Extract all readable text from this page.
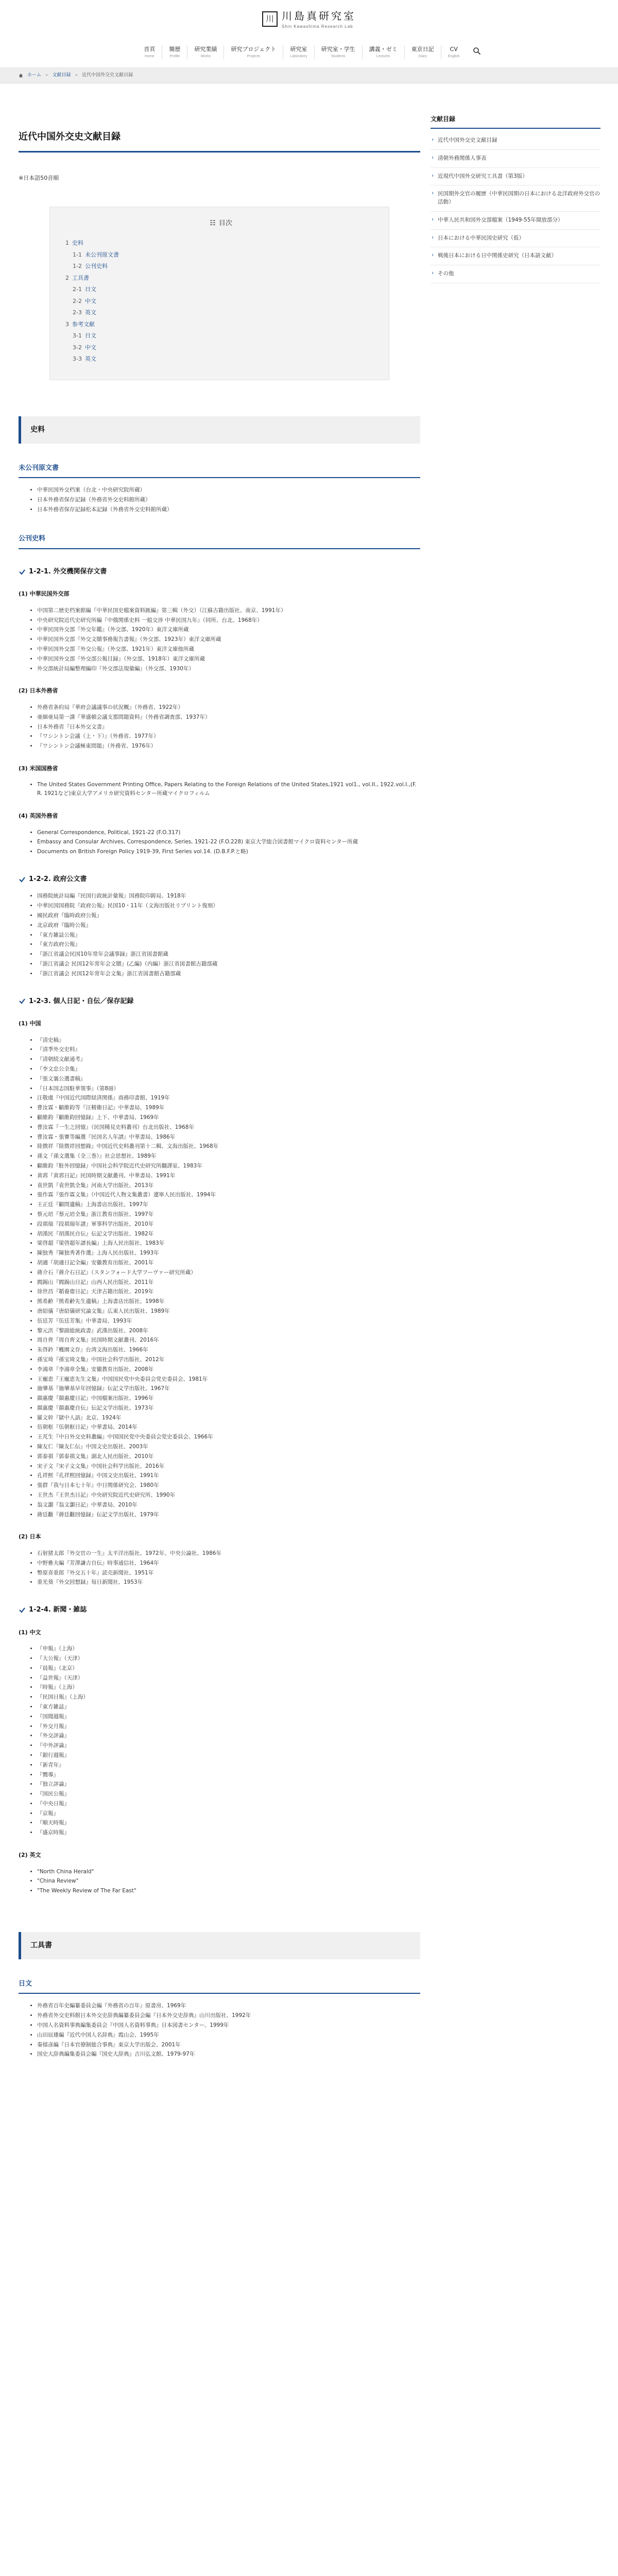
川 川島真研究室
Shin Kawashima Research Lab
首頁
Home
簡歴
Profile
研究業績
Works
研究プロジェクト
Projects
研究室
Laboratory
研究室・学生
Students
講義・ゼミ
Lectures
東京日記
Diary
CV
English
ホーム » 文献目録 » 近代中国外交史文献目録
近代中国外交史文献目録

※日本語50音順

☷ 目次
1 史料
1-1 未公刊原文書
1-2 公刊史料
2 工具書
2-1 日文
2-2 中文
2-3 英文
3 参考文献
3-1 日文
3-2 中文
3-3 英文
史料
未公刊原文書
• 中華民国外交档案（台北・中央研究院所蔵）
• 日本外務省保存記録（外務省外交史料館所蔵）
• 日本外務省保存記録松本記録（外務省外交史料館所蔵）
公刊史料
1-2-1. 外交機関保存文書
(1) 中華民国外交部
• 中国第二歴史档案館編『中華民国史檔案資料匯編』第三輯（外交）（江蘇古籍出版社、南京、1991年）
• 中央研究院近代史研究所編『中俄関係史料 一般交涉 中華民国九年』（同所、台北、1968年）
• 中華民国外交部『外交年鑑』（外交部、1920年）東洋文庫所蔵
• 中華民国外交部『外交文牘事務報告書報』（外交部、1923年）東洋文庫所蔵
• 中華民国外交部『外交公報』（外交部、1921年）東洋文庫他所蔵
• 中華民国外交部『外交部公報目録』（外交部、1918年）東洋文庫所蔵
• 外交部統計局編整理編印『外交部法規彙編』（外交部、1930年）
(2) 日本外務省
• 外務省条約局『華府会議議事の状況概』（外務省、1922年）
• 亜細亜局第一課『華盛頓会議支那問題資料』（外務省調査部、1937年）
• 日本外務省『日本外交文書』
• 『ワシントン会議（上・下）』（外務省、1977年）
• 『ワシントン会議極東問題』（外務省、1976年）
(3) 米国国務省
• The United States Government Printing Office, Papers Relating to the Foreign Relations of the United States,1921 vol1., vol.II., 1922.vol.I.,(F. R. 1921など)東京大学アメリカ研究資料センター所蔵マイクロフィルム
(4) 英国外務省
• General Correspondence, Political, 1921-22 (F.O.317)
• Embassy and Consular Archives, Correspondence, Series, 1921-22 (F.O.228) 東京大学総合図書館マイクロ資料センター所蔵
• Documents on British Foreign Policy 1919-39, First Series vol.14. (D.B.F.P.と略)
1-2-2. 政府公文書
• 国務院統計局編『民国行政統計彙報』国務院印鋳局、1918年
• 中華民国国務院『政府公報』民国10・11年（文海出版社リプリント復刻）
• 國民政府『臨時政府公報』
• 北京政府『臨時公報』
• 『東方雑誌公報』
• 『東方政府公報』
• 『浙江省議会民国10年常年会議事録』浙江省図書館蔵
• 『浙江省議会 民国12年常年会文牘』(乙編)（内編）浙江省図書館古籍部蔵
• 『浙江省議会 民国12年常年会文集』浙江省図書館古籍部蔵
1-2-3. 個人日記・自伝／保存記録
(1) 中国
• 『清史稿』
• 『清季外交史料』
• 『清朝続文献通考』
• 『李文忠公全集』
• 『張文襄公選書稿』
• 『日本国志国駐華領事』（第8冊）
• 汪敬虞『中国近代国際経済関係』商務印書館、1919年
• 曹汝霖・顧維鈞等『汪精衛日記』中華書局、1989年
• 顧維鈞『顧維鈞回憶録』上下、中華書局、1969年
• 曹汝霖『一生之回憶』（民国稀見史料叢刊）台北出版社、1968年
• 曹汝霖・張謇等編選『民国名人年譜』中華書局、1986年
• 陸徴祥『陸徴祥回想錄』中国近代史料叢刊第十二輯、文海出版社、1968年
• 孫文『孫文選集（全三巻）』社会思想社、1989年
• 顧維鈞『駐外回憶録』中国社会科学院近代史研究所翻譯室、1983年
• 黄郛『黄郛日記』民国時期文献叢刊、中華書局、1991年
• 袁世凱『袁世凱全集』河南大学出版社、2013年
• 張作霖『張作霖文集』（中国近代人物文集叢書）遼寧人民出版社、1994年
• 王正廷『顧問遺稿』上海書店出版社、1997年
• 蔡元培『蔡元培全集』浙江教育出版社、1997年
• 段祺瑞『段祺瑞年譜』軍事科学出版社、2010年
• 胡漢民『胡漢民自伝』伝記文学出版社、1982年
• 梁啓超『梁啓超年譜長編』上海人民出版社、1983年
• 陳独秀『陳独秀著作選』上海人民出版社、1993年
• 胡適『胡適日記全編』安徽教育出版社、2001年
• 蔣介石『蔣介石日記』（スタンフォード大学フーヴァー研究所蔵）
• 閻錫山『閻錫山日記』山西人民出版社、2011年
• 徐世昌『韜養齋日記』天津古籍出版社、2019年
• 熊希齢『熊希齢先生遺稿』上海書店出版社、1998年
• 唐紹儀『唐紹儀研究論文集』広東人民出版社、1989年
• 伍廷芳『伍廷芳集』中華書局、1993年
• 黎元洪『黎副総統政書』武漢出版社、2008年
• 周自齊『周自齊文集』民国時期文献叢刊、2016年
• 朱啓鈐『蠖園文存』台湾文海出版社、1966年
• 孫宝琦『孫宝琦文集』中国社会科学出版社、2012年
• 李鴻章『李鴻章全集』安徽教育出版社、2008年
• 王寵恵『王寵恵先生文集』中国国民党中央委員会党史委員会、1981年
• 施肇基『施肇基早年回憶録』伝記文学出版社、1967年
• 顔惠慶『顔惠慶日記』中国檔案出版社、1996年
• 顔惠慶『顔惠慶自伝』伝記文学出版社、1973年
• 羅文幹『獄中人語』北京、1924年
• 伍朝枢『伍朝枢日記』中華書局、2014年
• 王芃生『中日外交史料叢編』中国国民党中央委員会党史委員会、1966年
• 陳友仁『陳友仁伝』中国文史出版社、2003年
• 郭泰祺『郭泰祺文集』湖北人民出版社、2010年
• 宋子文『宋子文文集』中国社会科学出版社、2016年
• 孔祥熙『孔祥熙回憶録』中国文史出版社、1991年
• 張群『我与日本七十年』中日関係研究会、1980年
• 王世杰『王世杰日記』中央研究院近代史研究所、1990年
• 翁文灝『翁文灝日記』中華書局、2010年
• 蔣廷黻『蔣廷黻回憶録』伝記文学出版社、1979年
(2) 日本
• 石射猪太郎『外交官の一生』太平洋出版社、1972年、中央公論社、1986年
• 中野雅夫編『芳澤謙吉自伝』時事通信社、1964年
• 幣原喜重郎『外交五十年』読売新聞社、1951年
• 重光葵『外交回想録』毎日新聞社、1953年
1-2-4. 新聞・雑誌
(1) 中文
• 『申報』（上海）
• 『大公報』（天津）
• 『晨報』（北京）
• 『益世報』（天津）
• 『時報』（上海）
• 『民国日報』（上海）
• 『東方雑誌』
• 『国聞週報』
• 『外交月報』
• 『外交評論』
• 『中外評論』
• 『銀行週報』
• 『新青年』
• 『嚮導』
• 『独立評論』
• 『国民公報』
• 『中央日報』
• 『京報』
• 『順天時報』
• 『盛京時報』
(2) 英文
• "North China Herald"
• "China Review"
• "The Weekly Review of The Far East"
工具書
日文
• 外務省百年史編纂委員会編『外務省の百年』原書房、1969年
• 外務省外交史料館日本外交史辞典編纂委員会編『日本外交史辞典』山川出版社、1992年
• 中国人名資料事典編集委員会『中国人名資料事典』日本図書センター、1999年
• 山田辰雄編『近代中国人名辞典』霞山会、1995年
• 秦郁彦編『日本官僚制総合事典』東京大学出版会、2001年
• 国史大辞典編集委員会編『国史大辞典』吉川弘文館、1979-97年
文献目録
› 近代中国外交史文献目録
› 清朝外務関係人事表
› 近現代中国外交研究工具書（第3版）
› 民国期外交官の履歴（中華民国期の日本における北洋政府外交官の活動）
› 中華人民共和国外交部檔案（1949-55年開放部分）
› 日本における中華民国史研究（仮）
› 戦後日本における日中関係史研究（日本語文献）
› その他
